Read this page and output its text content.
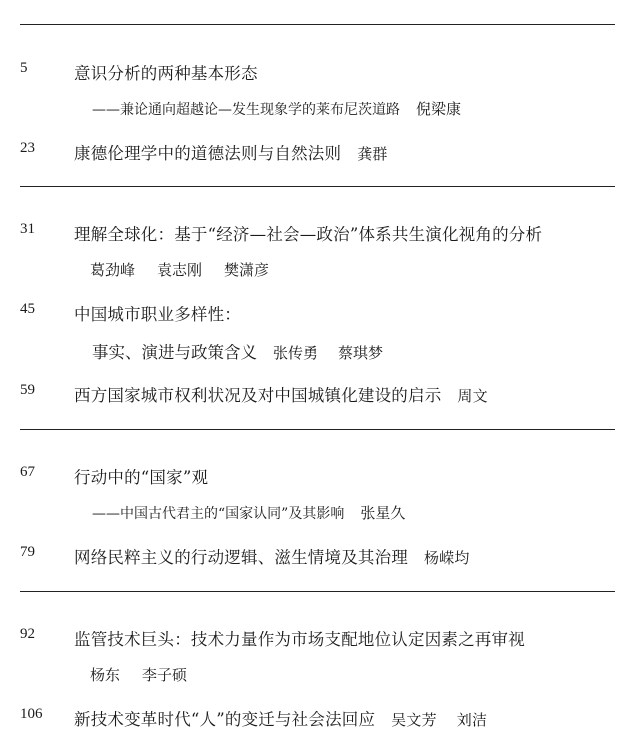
5	意识分析的两种基本形态
——兼论通向超越论—发生现象学的莱布尼茨道路 倪梁康
23 康德伦理学中的道德法则与自然法则 龚群
31 理解全球化：基于“经济—社会—政治”体系共生演化视角的分析
葛劲峰 袁志刚 樊潇彦
45 中国城市职业多样性：
事实、演进与政策含义 张传勇 蔡琪梦
59 西方国家城市权利状况及对中国城镇化建设的启示 周文
67 行动中的“国家”观
——中国古代君主的“国家认同”及其影响 张星久
79 网络民粹主义的行动逻辑、滋生情境及其治理 杨嵘均
92 监管技术巨头：技术力量作为市场支配地位认定因素之再审视
杨东 李子硕
106 新技术变革时代“人”的变迁与社会法回应 吴文芳 刘洁
